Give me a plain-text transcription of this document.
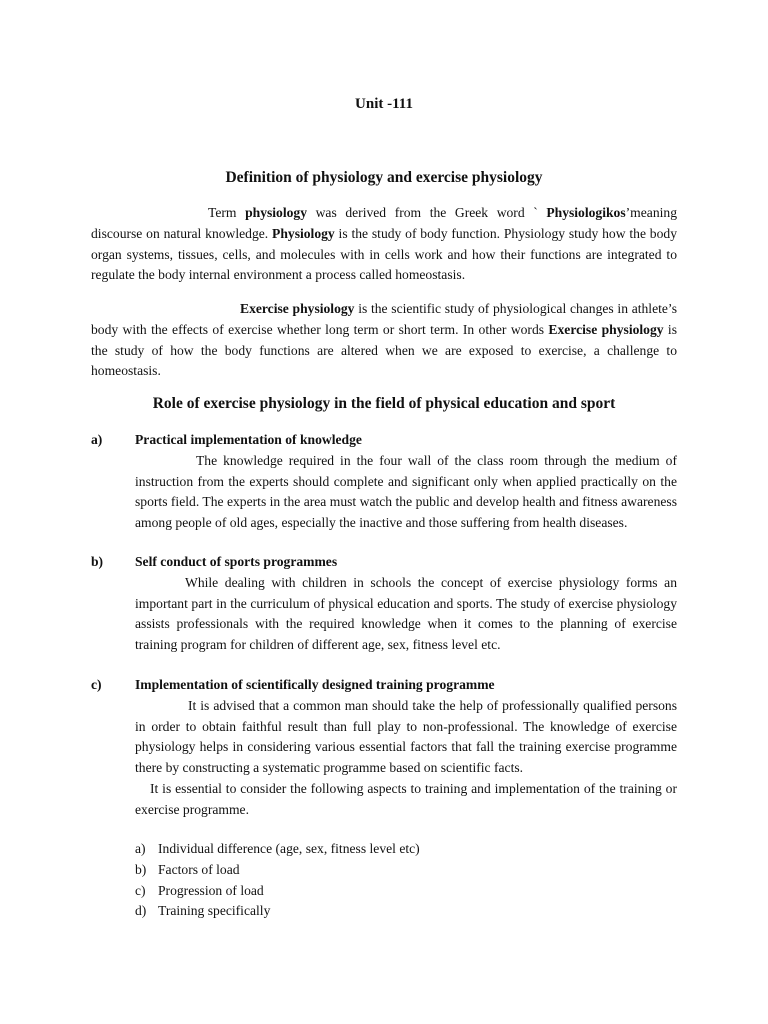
Unit -111

Definition of physiology and exercise physiology

Term physiology was derived from the Greek word ` Physiologikos’meaning discourse on natural knowledge. Physiology is the study of body function. Physiology study how the body organ systems, tissues, cells, and molecules with in cells work and how their functions are integrated to regulate the body internal environment a process called homeostasis.

Exercise physiology is the scientific study of physiological changes in athlete’s body with the effects of exercise whether long term or short term. In other words Exercise physiology is the study of how the body functions are altered when we are exposed to exercise, a challenge to homeostasis.

Role of exercise physiology in the field of physical education and sport

a)	Practical implementation of knowledge

The knowledge required in the four wall of the class room through the medium of instruction from the experts should complete and significant only when applied practically on the sports field. The experts in the area must watch the public and develop health and fitness awareness among people of old ages, especially the inactive and those suffering from health diseases.

b)	Self conduct of sports programmes

While dealing with children in schools the concept of exercise physiology forms an important part in the curriculum of physical education and sports. The study of exercise physiology assists professionals with the required knowledge when it comes to the planning of exercise training program for children of different age, sex, fitness level etc.

c)	Implementation of scientifically designed training programme

It is advised that a common man should take the help of professionally qualified persons in order to obtain faithful result than full play to non-professional. The knowledge of exercise physiology helps in considering various essential factors that fall the training exercise programme there by constructing a systematic programme based on scientific facts.

It is essential to consider the following aspects to training and implementation of the training or exercise programme.

a) Individual difference (age, sex, fitness level etc)
b) Factors of load
c) Progression of load
d) Training specifically
